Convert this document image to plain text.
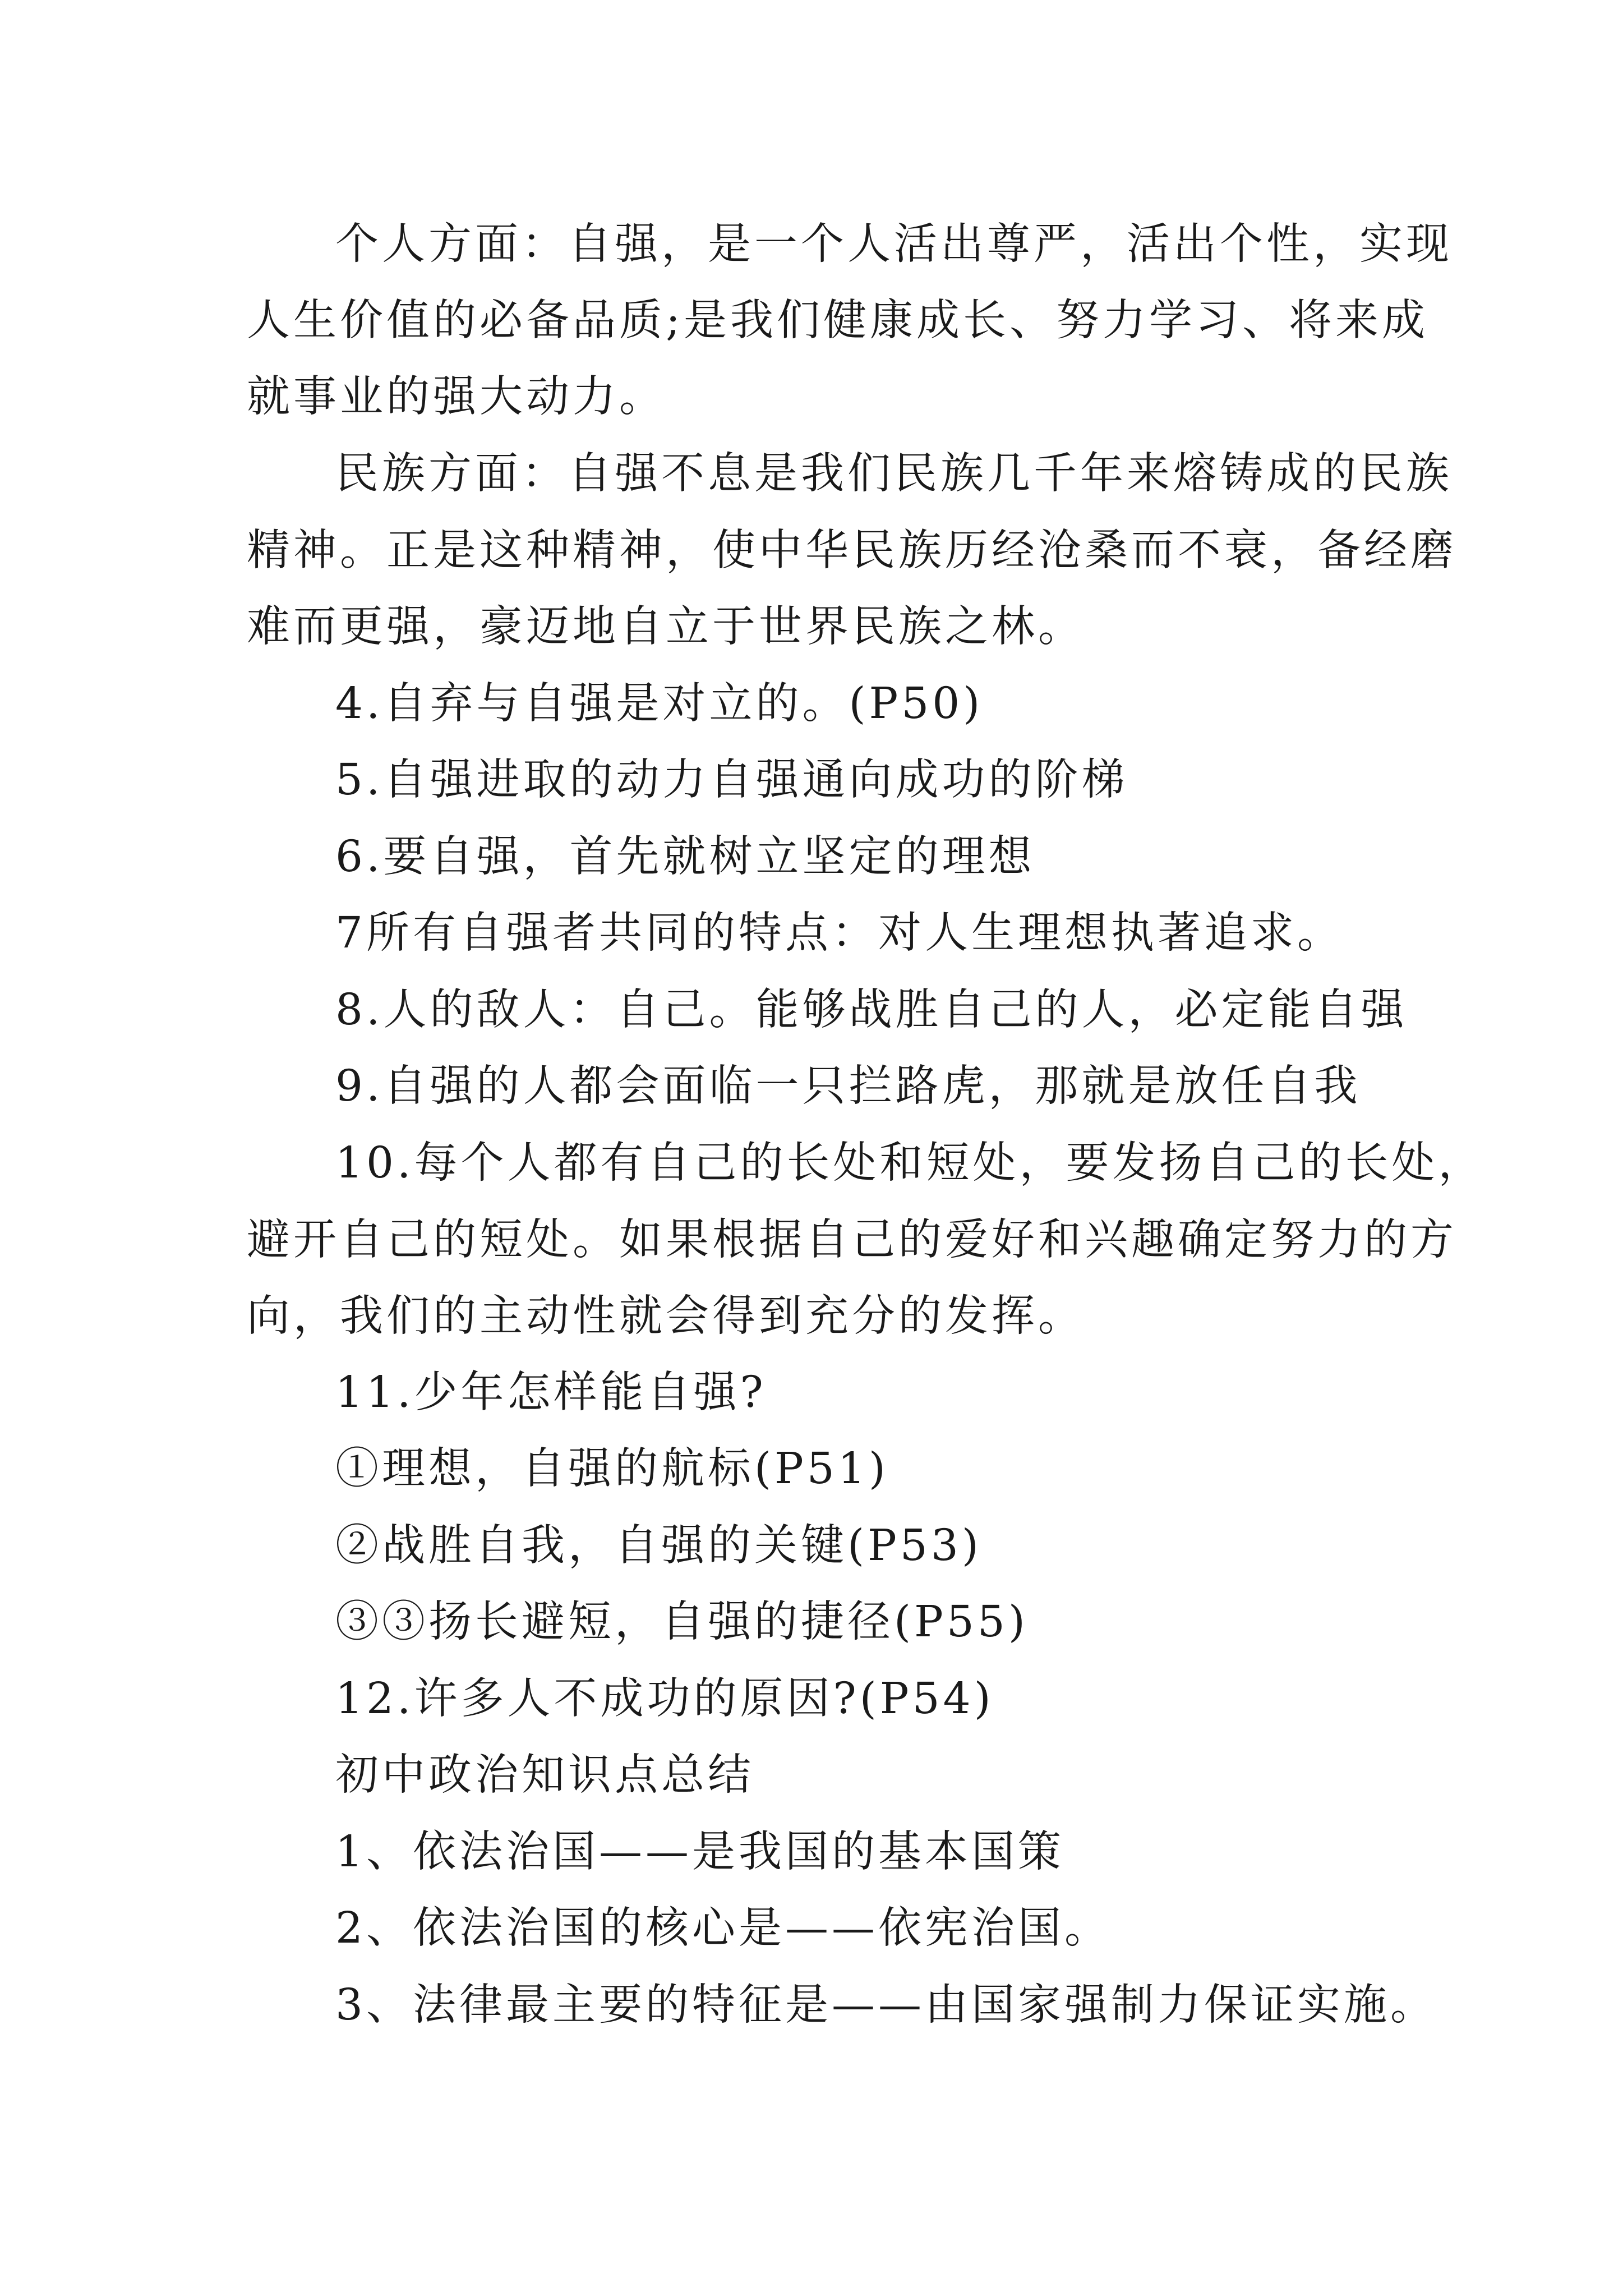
个人方面：自强，是一个人活出尊严，活出个性，实现
人生价值的必备品质;是我们健康成长、努力学习、将来成
就事业的强大动力。
民族方面：自强不息是我们民族几千年来熔铸成的民族
精神。正是这种精神，使中华民族历经沧桑而不衰，备经磨
难而更强，豪迈地自立于世界民族之林。
4.自弃与自强是对立的。(P50)
5.自强进取的动力自强通向成功的阶梯
6.要自强，首先就树立坚定的理想
7所有自强者共同的特点：对人生理想执著追求。
8.人的敌人：自己。能够战胜自己的人，必定能自强
9.自强的人都会面临一只拦路虎，那就是放任自我
10.每个人都有自己的长处和短处，要发扬自己的长处，
避开自己的短处。如果根据自己的爱好和兴趣确定努力的方
向，我们的主动性就会得到充分的发挥。
11.少年怎样能自强?
①理想，自强的航标(P51)
②战胜自我，自强的关键(P53)
③③扬长避短，自强的捷径(P55)
12.许多人不成功的原因?(P54)
初中政治知识点总结
1、依法治国——是我国的基本国策
2、依法治国的核心是——依宪治国。
3、法律最主要的特征是——由国家强制力保证实施。
